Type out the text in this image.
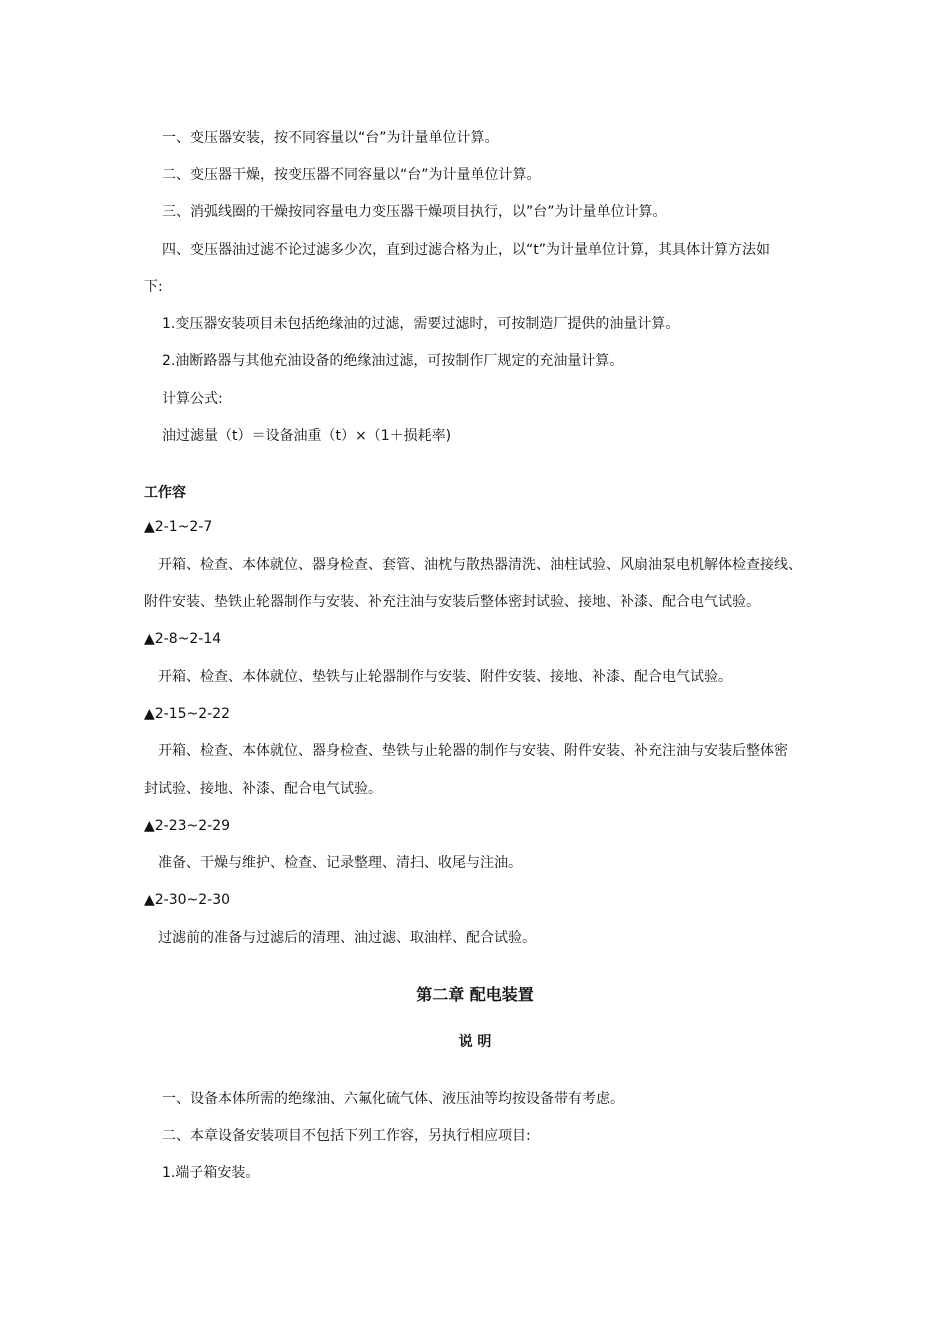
一、变压器安装，按不同容量以“台”为计量单位计算。
二、变压器干燥，按变压器不同容量以“台”为计量单位计算。
三、消弧线圈的干燥按同容量电力变压器干燥项目执行，以”台”为计量单位计算。
四、变压器油过滤不论过滤多少次，直到过滤合格为止，以“t”为计量单位计算，其具体计算方法如
下:
1.变压器安装项目未包括绝缘油的过滤，需要过滤时，可按制造厂提供的油量计算。
2.油断路器与其他充油设备的绝缘油过滤，可按制作厂规定的充油量计算。
计算公式:
油过滤量（t）＝设备油重（t）×（1＋损耗率)
工作容
▲2-1~2-7
开箱、检查、本体就位、器身检查、套管、油枕与散热器清洗、油柱试验、风扇油泵电机解体检查接线、
附件安装、垫铁止轮器制作与安装、补充注油与安装后整体密封试验、接地、补漆、配合电气试验。
▲2-8~2-14
开箱、检查、本体就位、垫铁与止轮器制作与安装、附件安装、接地、补漆、配合电气试验。
▲2-15~2-22
开箱、检查、本体就位、器身检查、垫铁与止轮器的制作与安装、附件安装、补充注油与安装后整体密
封试验、接地、补漆、配合电气试验。
▲2-23~2-29
准备、干燥与维护、检查、记录整理、清扫、收尾与注油。
▲2-30~2-30
过滤前的准备与过滤后的清理、油过滤、取油样、配合试验。
第二章 配电装置
说 明
一、设备本体所需的绝缘油、六氟化硫气体、液压油等均按设备带有考虑。
二、本章设备安装项目不包括下列工作容，另执行相应项目:
1.端子箱安装。
